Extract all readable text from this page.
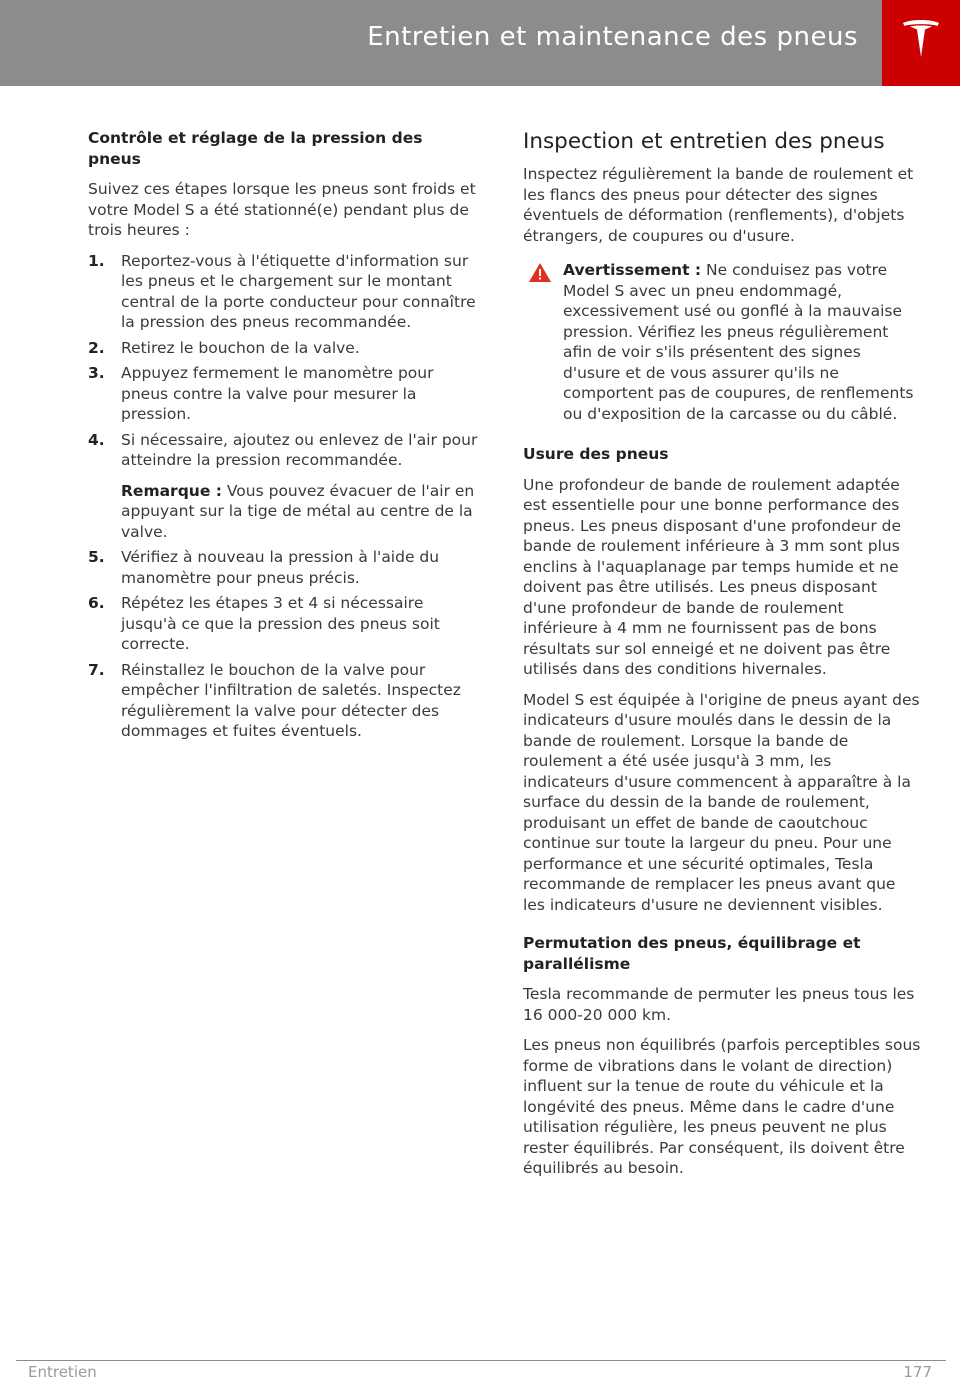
Entretien et maintenance des pneus
Contrôle et réglage de la pression des pneus

Suivez ces étapes lorsque les pneus sont froids et votre Model S a été stationné(e) pendant plus de trois heures :

1. Reportez-vous à l'étiquette d'information sur les pneus et le chargement sur le montant central de la porte conducteur pour connaître la pression des pneus recommandée.
2. Retirez le bouchon de la valve.
3. Appuyez fermement le manomètre pour pneus contre la valve pour mesurer la pression.
4. Si nécessaire, ajoutez ou enlevez de l'air pour atteindre la pression recommandée.
Remarque : Vous pouvez évacuer de l'air en appuyant sur la tige de métal au centre de la valve.
5. Vérifiez à nouveau la pression à l'aide du manomètre pour pneus précis.
6. Répétez les étapes 3 et 4 si nécessaire jusqu'à ce que la pression des pneus soit correcte.
7. Réinstallez le bouchon de la valve pour empêcher l'infiltration de saletés. Inspectez régulièrement la valve pour détecter des dommages et fuites éventuels.
Inspection et entretien des pneus

Inspectez régulièrement la bande de roulement et les flancs des pneus pour détecter des signes éventuels de déformation (renflements), d'objets étrangers, de coupures ou d'usure.

Avertissement : Ne conduisez pas votre Model S avec un pneu endommagé, excessivement usé ou gonflé à la mauvaise pression. Vérifiez les pneus régulièrement afin de voir s'ils présentent des signes d'usure et de vous assurer qu'ils ne comportent pas de coupures, de renflements ou d'exposition de la carcasse ou du câblé.
Usure des pneus

Une profondeur de bande de roulement adaptée est essentielle pour une bonne performance des pneus. Les pneus disposant d'une profondeur de bande de roulement inférieure à 3 mm sont plus enclins à l'aquaplanage par temps humide et ne doivent pas être utilisés. Les pneus disposant d'une profondeur de bande de roulement inférieure à 4 mm ne fournissent pas de bons résultats sur sol enneigé et ne doivent pas être utilisés dans des conditions hivernales.

Model S est équipée à l'origine de pneus ayant des indicateurs d'usure moulés dans le dessin de la bande de roulement. Lorsque la bande de roulement a été usée jusqu'à 3 mm, les indicateurs d'usure commencent à apparaître à la surface du dessin de la bande de roulement, produisant un effet de bande de caoutchouc continue sur toute la largeur du pneu. Pour une performance et une sécurité optimales, Tesla recommande de remplacer les pneus avant que les indicateurs d'usure ne deviennent visibles.

Permutation des pneus, équilibrage et parallélisme

Tesla recommande de permuter les pneus tous les 16 000-20 000 km.

Les pneus non équilibrés (parfois perceptibles sous forme de vibrations dans le volant de direction) influent sur la tenue de route du véhicule et la longévité des pneus. Même dans le cadre d'une utilisation régulière, les pneus peuvent ne plus rester équilibrés. Par conséquent, ils doivent être équilibrés au besoin.

Entretien	177
